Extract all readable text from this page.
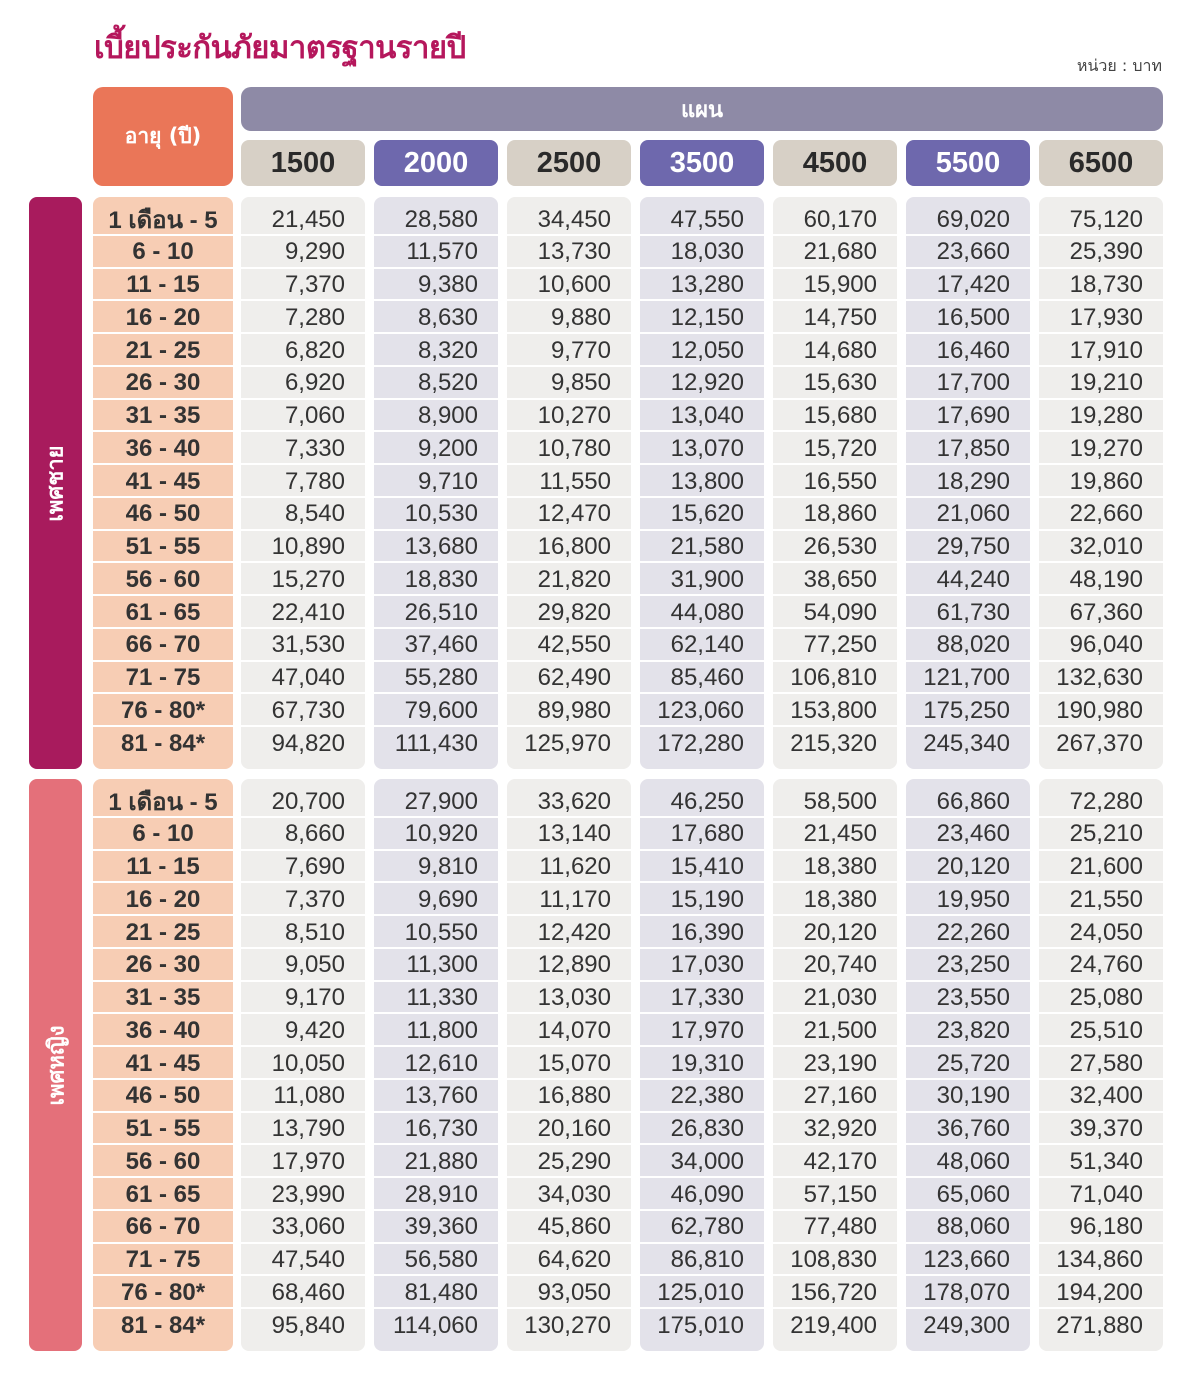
เบี้ยประกันภัยมาตรฐานรายปี	หน่วย : บาท
อายุ (ปี)
แผน
1500	2000	2500	3500	4500	5500	6500
เพศชาย
1 เดือน - 5	21,450	28,580	34,450	47,550	60,170	69,020	75,120
6 - 10	9,290	11,570	13,730	18,030	21,680	23,660	25,390
11 - 15	7,370	9,380	10,600	13,280	15,900	17,420	18,730
16 - 20	7,280	8,630	9,880	12,150	14,750	16,500	17,930
21 - 25	6,820	8,320	9,770	12,050	14,680	16,460	17,910
26 - 30	6,920	8,520	9,850	12,920	15,630	17,700	19,210
31 - 35	7,060	8,900	10,270	13,040	15,680	17,690	19,280
36 - 40	7,330	9,200	10,780	13,070	15,720	17,850	19,270
41 - 45	7,780	9,710	11,550	13,800	16,550	18,290	19,860
46 - 50	8,540	10,530	12,470	15,620	18,860	21,060	22,660
51 - 55	10,890	13,680	16,800	21,580	26,530	29,750	32,010
56 - 60	15,270	18,830	21,820	31,900	38,650	44,240	48,190
61 - 65	22,410	26,510	29,820	44,080	54,090	61,730	67,360
66 - 70	31,530	37,460	42,550	62,140	77,250	88,020	96,040
71 - 75	47,040	55,280	62,490	85,460	106,810	121,700	132,630
76 - 80*	67,730	79,600	89,980	123,060	153,800	175,250	190,980
81 - 84*	94,820	111,430	125,970	172,280	215,320	245,340	267,370
เพศหญิง
1 เดือน - 5	20,700	27,900	33,620	46,250	58,500	66,860	72,280
6 - 10	8,660	10,920	13,140	17,680	21,450	23,460	25,210
11 - 15	7,690	9,810	11,620	15,410	18,380	20,120	21,600
16 - 20	7,370	9,690	11,170	15,190	18,380	19,950	21,550
21 - 25	8,510	10,550	12,420	16,390	20,120	22,260	24,050
26 - 30	9,050	11,300	12,890	17,030	20,740	23,250	24,760
31 - 35	9,170	11,330	13,030	17,330	21,030	23,550	25,080
36 - 40	9,420	11,800	14,070	17,970	21,500	23,820	25,510
41 - 45	10,050	12,610	15,070	19,310	23,190	25,720	27,580
46 - 50	11,080	13,760	16,880	22,380	27,160	30,190	32,400
51 - 55	13,790	16,730	20,160	26,830	32,920	36,760	39,370
56 - 60	17,970	21,880	25,290	34,000	42,170	48,060	51,340
61 - 65	23,990	28,910	34,030	46,090	57,150	65,060	71,040
66 - 70	33,060	39,360	45,860	62,780	77,480	88,060	96,180
71 - 75	47,540	56,580	64,620	86,810	108,830	123,660	134,860
76 - 80*	68,460	81,480	93,050	125,010	156,720	178,070	194,200
81 - 84*	95,840	114,060	130,270	175,010	219,400	249,300	271,880
